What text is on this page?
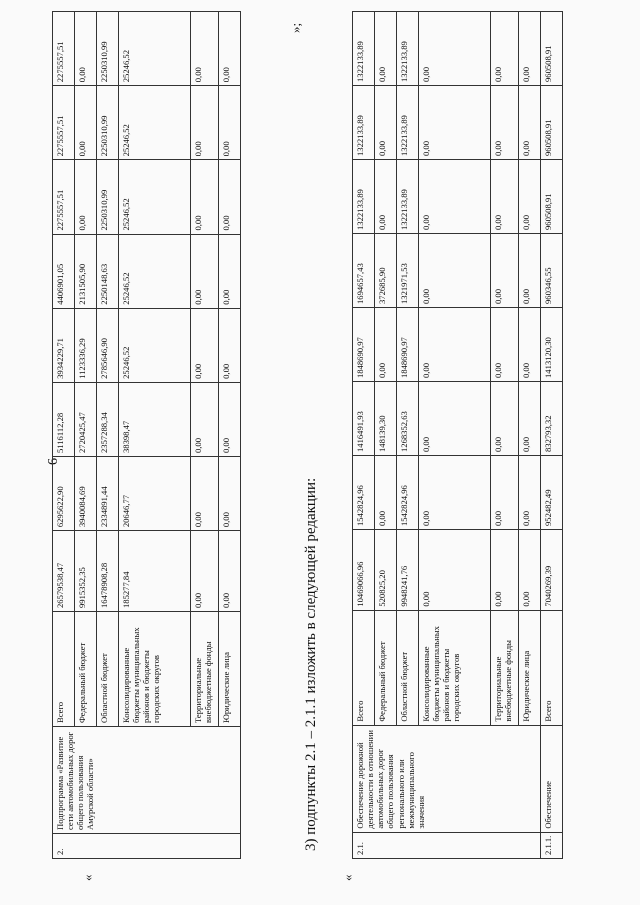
6
«
2.	Подпрограмма «Развитие сети автомобильных дорог общего пользования Амурской области»	Всего	26579538,47	6295622,90	5116112,28	3934229,71	4406901,05	2275557,51	2275557,51	2275557,51
		Федеральный бюджет	9915352,35	3940084,69	2720425,47	1123336,29	2131505,90	0,00	0,00	0,00
		Областной бюджет	16478908,28	2334891,44	2357288,34	2785646,90	2250148,63	2250310,99	2250310,99	2250310,99
		Консолидированные бюджеты муниципальных районов и бюджеты городских округов	185277,84	20646,77	38398,47	25246,52	25246,52	25246,52	25246,52	25246,52
		Территориальные внебюджетные фонды	0,00	0,00	0,00	0,00	0,00	0,00	0,00	0,00
		Юридические лица	0,00	0,00	0,00	0,00	0,00	0,00	0,00	0,00
»;
3) подпункты 2.1 – 2.1.1 изложить в следующей редакции:
«
2.1.	Обеспечение дорожной деятельности в отношении автомобильных дорог общего пользования регионального или межмуниципального значения	Всего	10469066,96	1542824,96	1416491,93	1848690,97	1694657,43	1322133,89	1322133,89	1322133,89
		Федеральный бюджет	520825,20	0,00	148139,30	0,00	372685,90	0,00	0,00	0,00
		Областной бюджет	9948241,76	1542824,96	1268352,63	1848690,97	1321971,53	1322133,89	1322133,89	1322133,89
		Консолидированные бюджеты муниципальных районов и бюджеты городских округов	0,00	0,00	0,00	0,00	0,00	0,00	0,00	0,00
		Территориальные внебюджетные фонды	0,00	0,00	0,00	0,00	0,00	0,00	0,00	0,00
		Юридические лица	0,00	0,00	0,00	0,00	0,00	0,00	0,00	0,00
2.1.1.	Обеспечение	Всего	7040269,39	952482,49	832793,32	1413120,30	960346,55	960508,91	960508,91	960508,91
